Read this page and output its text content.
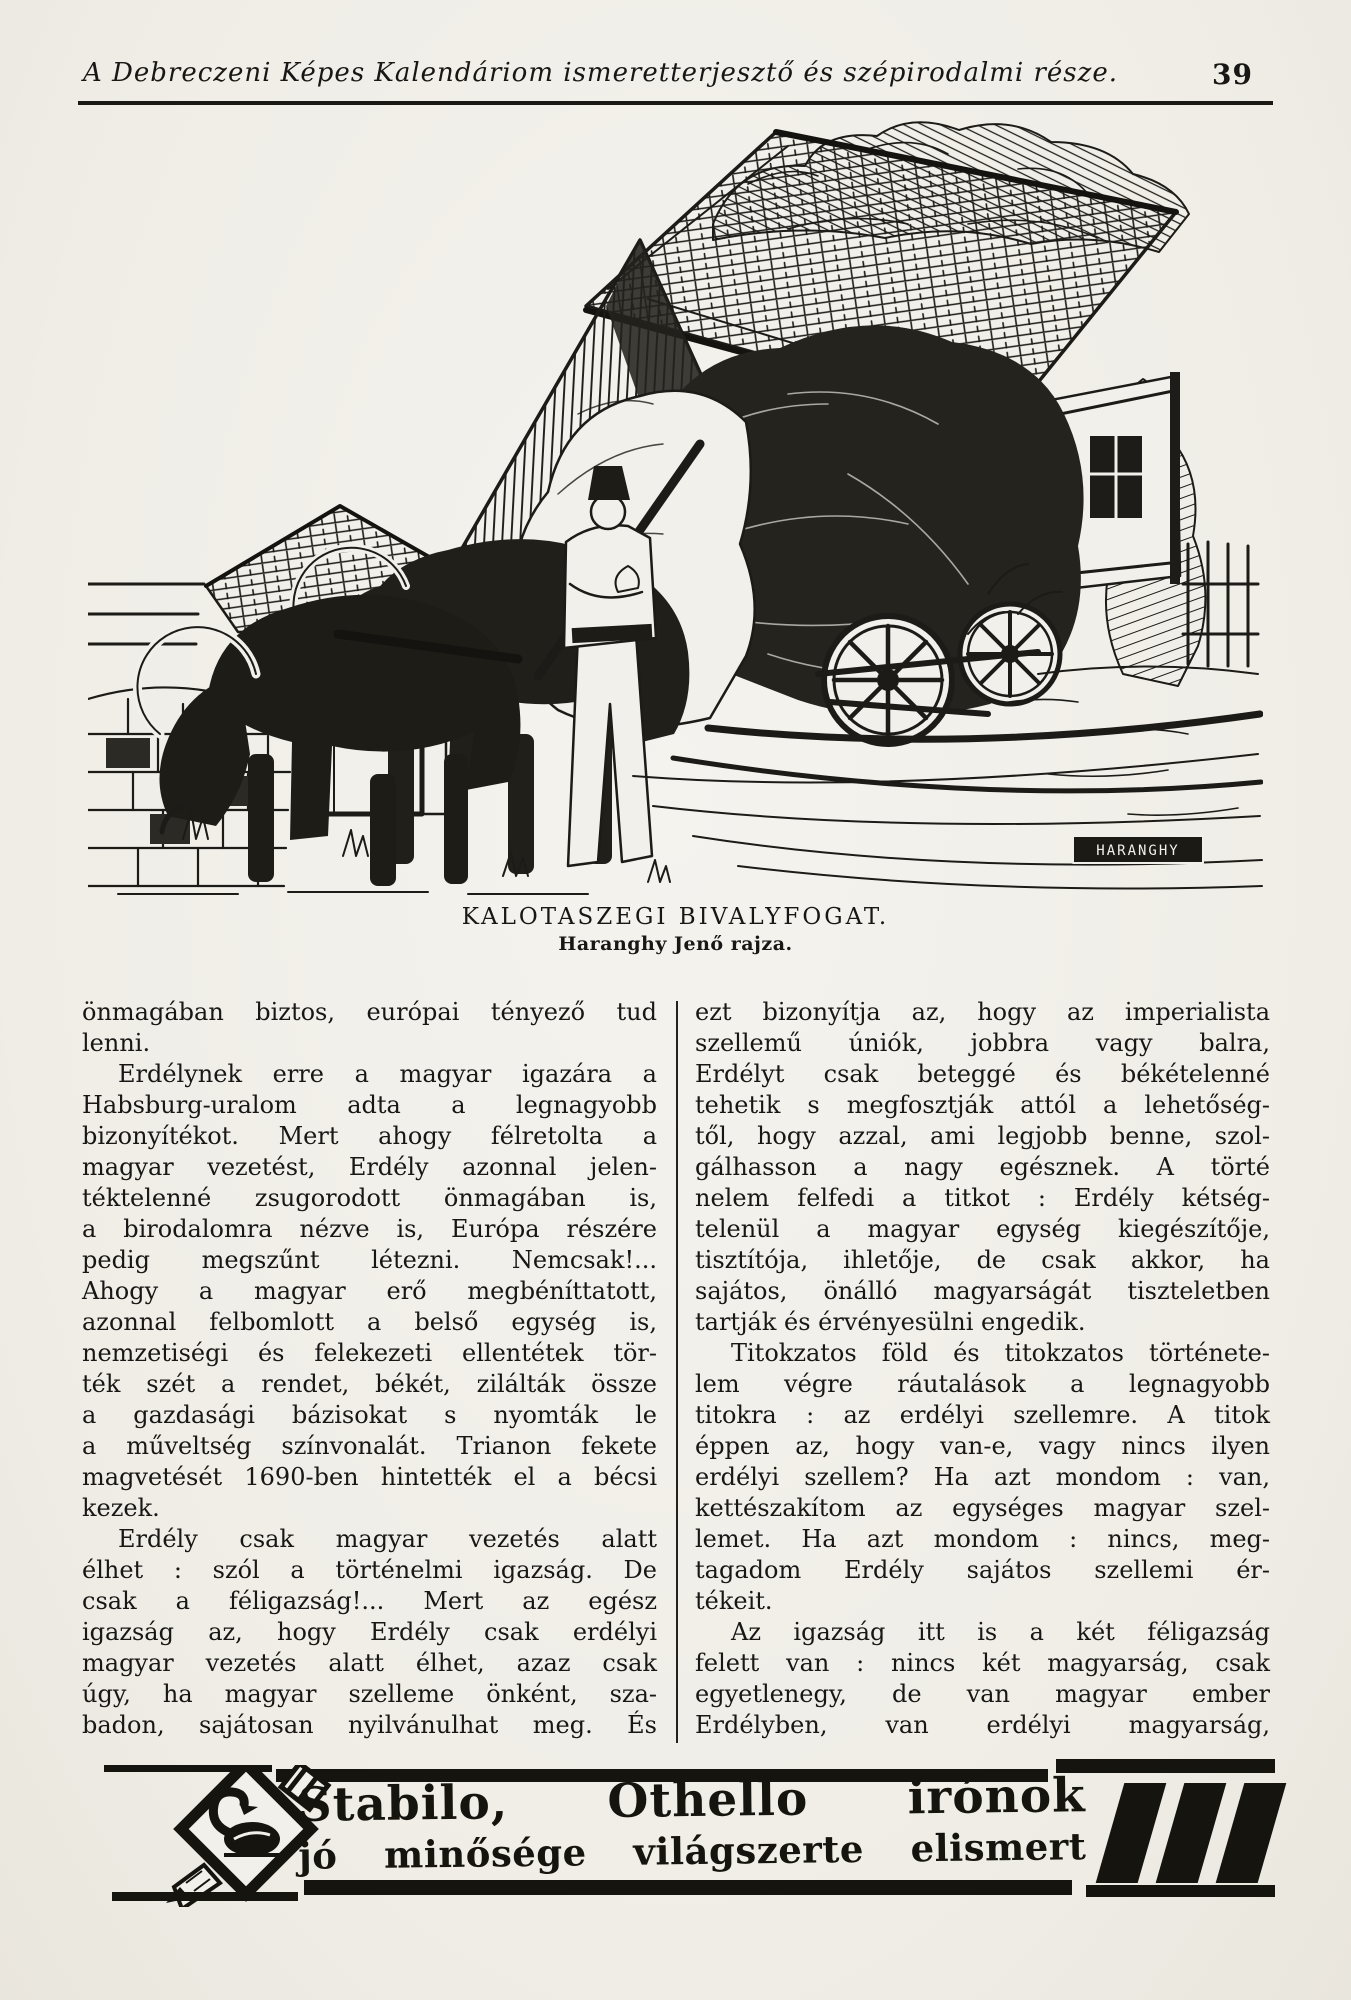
A Debreczeni Képes Kalendáriom ismeretterjesztő és szépirodalmi része.	39
HARANGHY
KALOTASZEGI BIVALYFOGAT.
Haranghy Jenő rajza.
önmagában biztos, európai tényező tud
lenni.
Erdélynek erre a magyar igazára a
Habsburg-uralom adta a legnagyobb
bizonyítékot. Mert ahogy félretolta a
magyar vezetést, Erdély azonnal jelen-
téktelenné zsugorodott önmagában is,
a birodalomra nézve is, Európa részére
pedig megszűnt létezni. Nemcsak!...
Ahogy a magyar erő megbéníttatott,
azonnal felbomlott a belső egység is,
nemzetiségi és felekezeti ellentétek tör-
ték szét a rendet, békét, zilálták össze
a gazdasági bázisokat s nyomták le
a műveltség színvonalát. Trianon fekete
magvetését 1690-ben hintették el a bécsi
kezek.
Erdély csak magyar vezetés alatt
élhet : szól a történelmi igazság. De
csak a féligazság!... Mert az egész
igazság az, hogy Erdély csak erdélyi
magyar vezetés alatt élhet, azaz csak
úgy, ha magyar szelleme önként, sza-
badon, sajátosan nyilvánulhat meg. És
ezt bizonyítja az, hogy az imperialista
szellemű úniók, jobbra vagy balra,
Erdélyt csak beteggé és békételenné
tehetik s megfosztják attól a lehetőség-
től, hogy azzal, ami legjobb benne, szol-
gálhasson a nagy egésznek. A törté
nelem felfedi a titkot : Erdély kétség-
telenül a magyar egység kiegészítője,
tisztítója, ihletője, de csak akkor, ha
sajátos, önálló magyarságát tiszteletben
tartják és érvényesülni engedik.
Titokzatos föld és titokzatos története-
lem végre ráutalások a legnagyobb
titokra : az erdélyi szellemre. A titok
éppen az, hogy van-e, vagy nincs ilyen
erdélyi szellem? Ha azt mondom : van,
kettészakítom az egységes magyar szel-
lemet. Ha azt mondom : nincs, meg-
tagadom Erdély sajátos szellemi ér-
tékeit.
Az igazság itt is a két féligazság
felett van : nincs két magyarság, csak
egyetlenegy, de van magyar ember
Erdélyben, van erdélyi magyarság,
Stabilo, Othello irónok
jó minősége világszerte elismert
